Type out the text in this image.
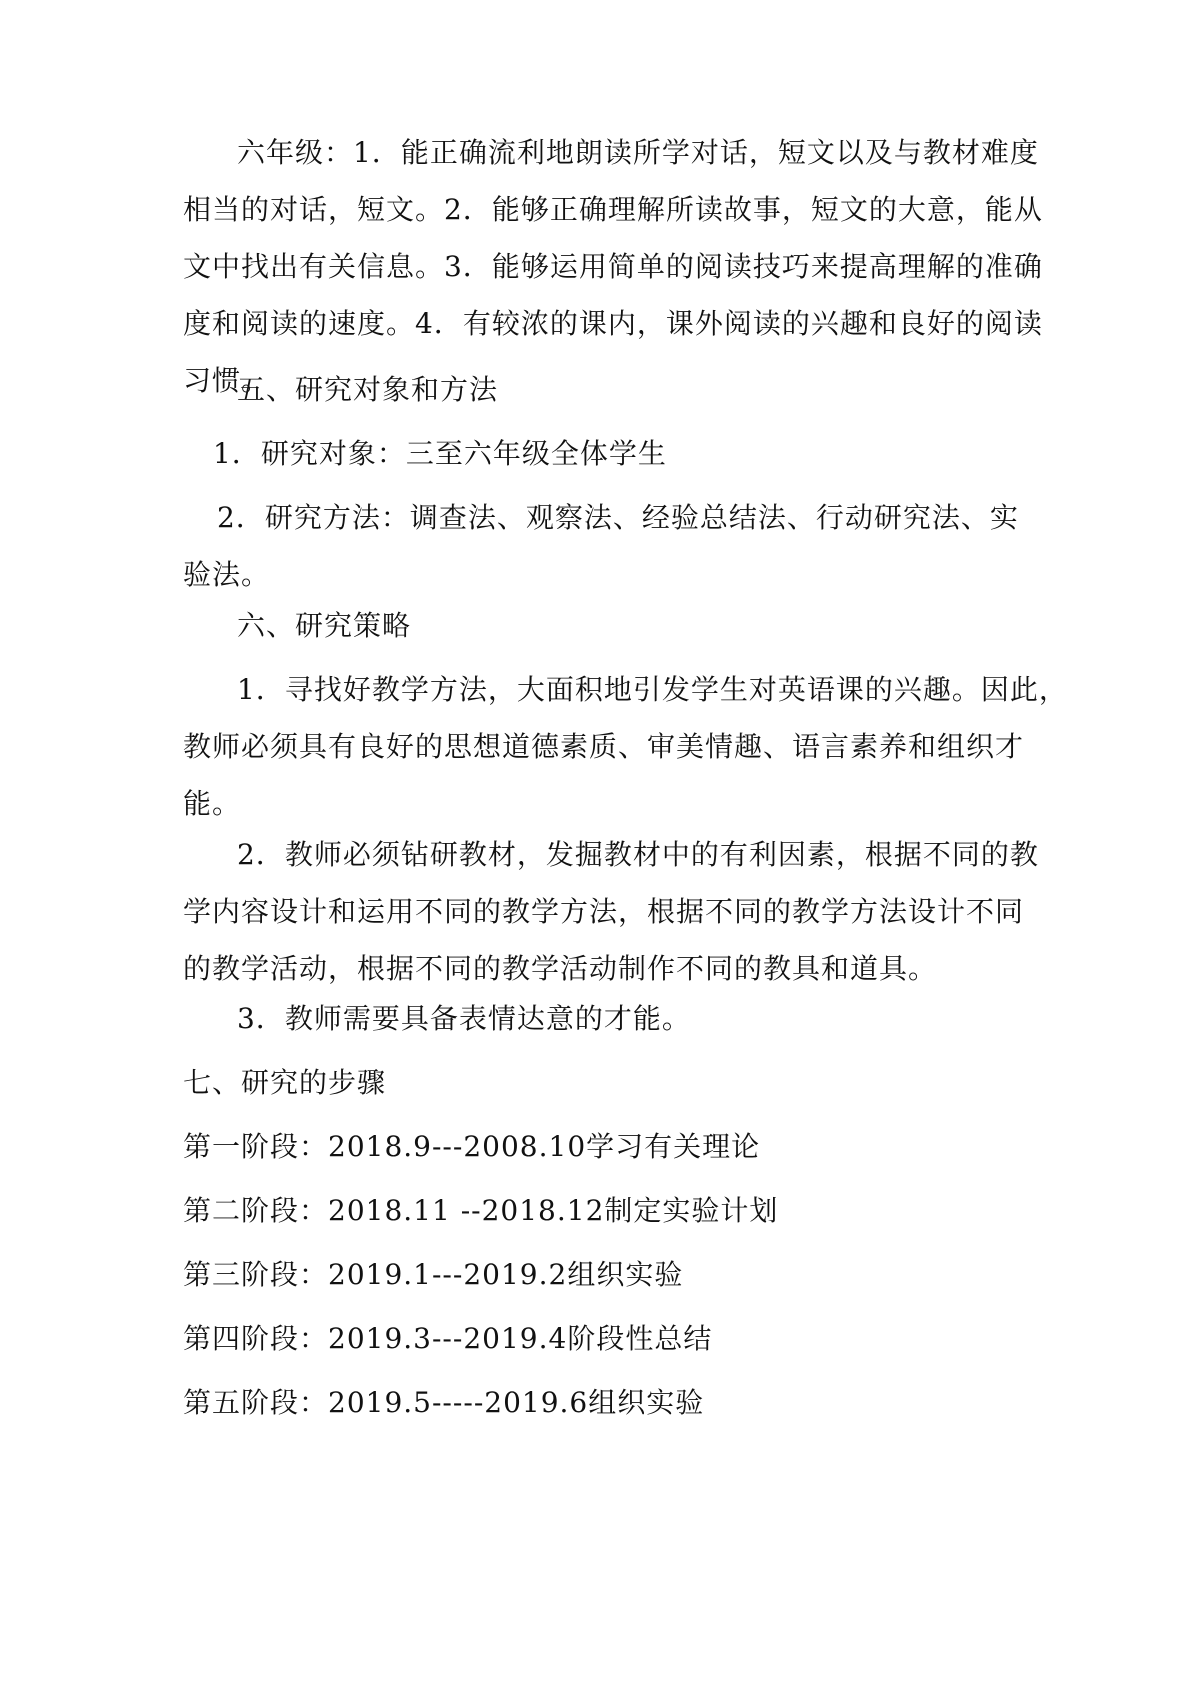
六年级：1．能正确流利地朗读所学对话，短文以及与教材难度
相当的对话，短文。2．能够正确理解所读故事，短文的大意，能从
文中找出有关信息。3．能够运用简单的阅读技巧来提高理解的准确
度和阅读的速度。4．有较浓的课内，课外阅读的兴趣和良好的阅读
习惯。
五、研究对象和方法
1．研究对象：三至六年级全体学生
2．研究方法：调查法、观察法、经验总结法、行动研究法、实
验法。
六、研究策略
1．寻找好教学方法，大面积地引发学生对英语课的兴趣。因此，
教师必须具有良好的思想道德素质、审美情趣、语言素养和组织才
能。
2．教师必须钻研教材，发掘教材中的有利因素，根据不同的教
学内容设计和运用不同的教学方法，根据不同的教学方法设计不同
的教学活动，根据不同的教学活动制作不同的教具和道具。
3．教师需要具备表情达意的才能。
七、研究的步骤
第一阶段：2018.9---2008.10学习有关理论
第二阶段：2018.11 --2018.12制定实验计划
第三阶段：2019.1---2019.2组织实验
第四阶段：2019.3---2019.4阶段性总结
第五阶段：2019.5-----2019.6组织实验
